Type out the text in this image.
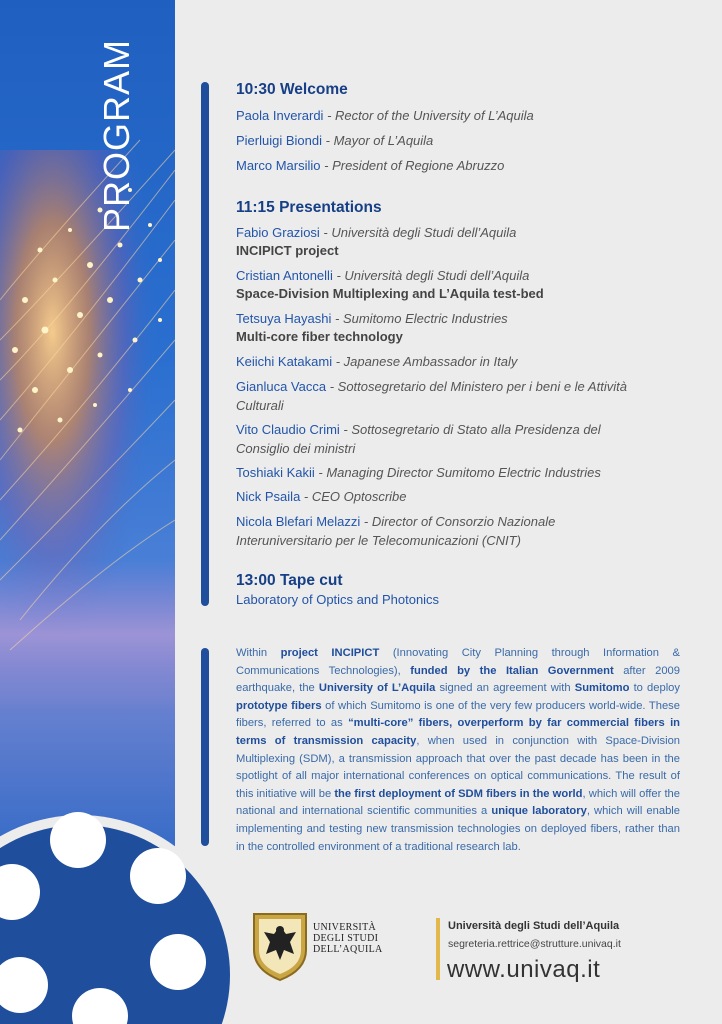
PROGRAM	10:30 Welcome
Paola Inverardi - Rector of the University of L’Aquila
Pierluigi Biondi - Mayor of L’Aquila
Marco Marsilio - President of Regione Abruzzo
11:15 Presentations
Fabio Graziosi - Università degli Studi dell’Aquila
INCIPICT project
Cristian Antonelli - Università degli Studi dell’Aquila
Space-Division Multiplexing and L’Aquila test-bed
Tetsuya Hayashi - Sumitomo Electric Industries
Multi-core fiber technology
Keiichi Katakami - Japanese Ambassador in Italy
Gianluca Vacca - Sottosegretario del Ministero per i beni e le Attività
Culturali
Vito Claudio Crimi - Sottosegretario di Stato alla Presidenza del
Consiglio dei ministri
Toshiaki Kakii - Managing Director Sumitomo Electric Industries
Nick Psaila - CEO Optoscribe
Nicola Blefari Melazzi - Director of Consorzio Nazionale
Interuniversitario per le Telecomunicazioni (CNIT)
13:00 Tape cut
Laboratory of Optics and Photonics
Within project INCIPICT (Innovating City Planning through Information & Communications Technologies), funded by the Italian Government after 2009 earthquake, the University of L’Aquila signed an agreement with Sumitomo to deploy prototype fibers of which Sumitomo is one of the very few producers world-wide. These fibers, referred to as “multi-core” fibers, overperform by far commercial fibers in terms of transmission capacity, when used in conjunction with Space-Division Multiplexing (SDM), a transmission approach that over the past decade has been in the spotlight of all major international conferences on optical communications. The result of this initiative will be the first deployment of SDM fibers in the world, which will offer the national and international scientific communities a unique laboratory, which will enable implementing and testing new transmission technologies on deployed fibers, rather than in the controlled environment of a traditional research lab.
UNIVERSITÀ
DEGLI STUDI
DELL’AQUILA
Università degli Studi dell’Aquila
segreteria.rettrice@strutture.univaq.it
www.univaq.it
